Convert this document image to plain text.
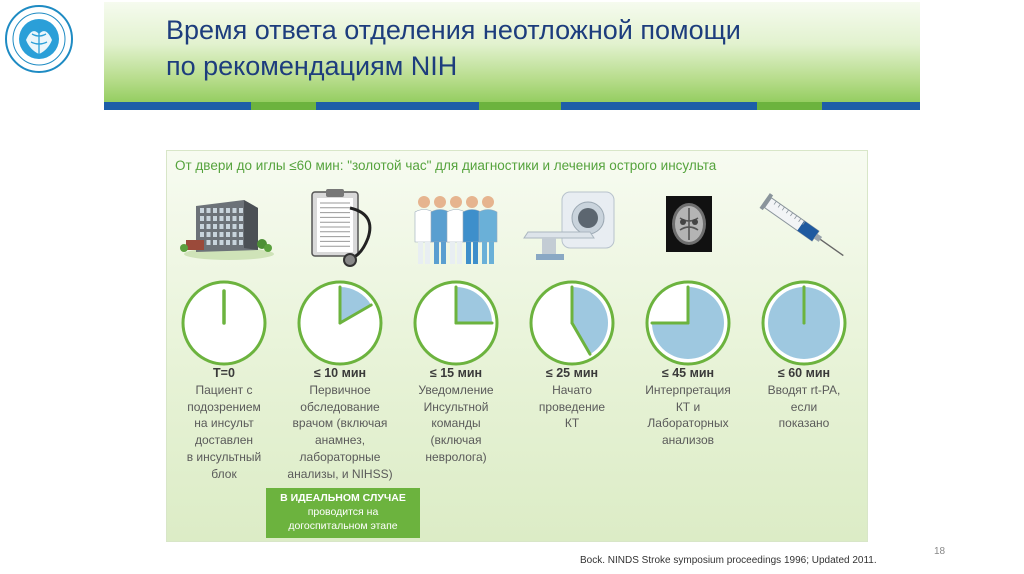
Время ответа отделения неотложной помощи
по рекомендациям NIH
От двери до иглы ≤60 мин: "золотой час" для диагностики и лечения острого инсульта
T=0
Пациент с
подозрением
на инсульт
доставлен
в инсультный
блок
≤ 10 мин
Первичное
обследование
врачом (включая
анамнез,
лабораторные
анализы, и NIHSS)
≤ 15 мин
Уведомление
Инсультной
команды
(включая
невролога)
≤ 25 мин
Начато
проведение
КТ
≤ 45 мин
Интерпретация
КТ и
Лабораторных
анализов
≤ 60 мин
Вводят rt-PA,
если
показано
В ИДЕАЛЬНОМ СЛУЧАЕ
проводится на
догоспитальном этапе
18
Bock. NINDS Stroke symposium proceedings 1996; Updated 2011.
